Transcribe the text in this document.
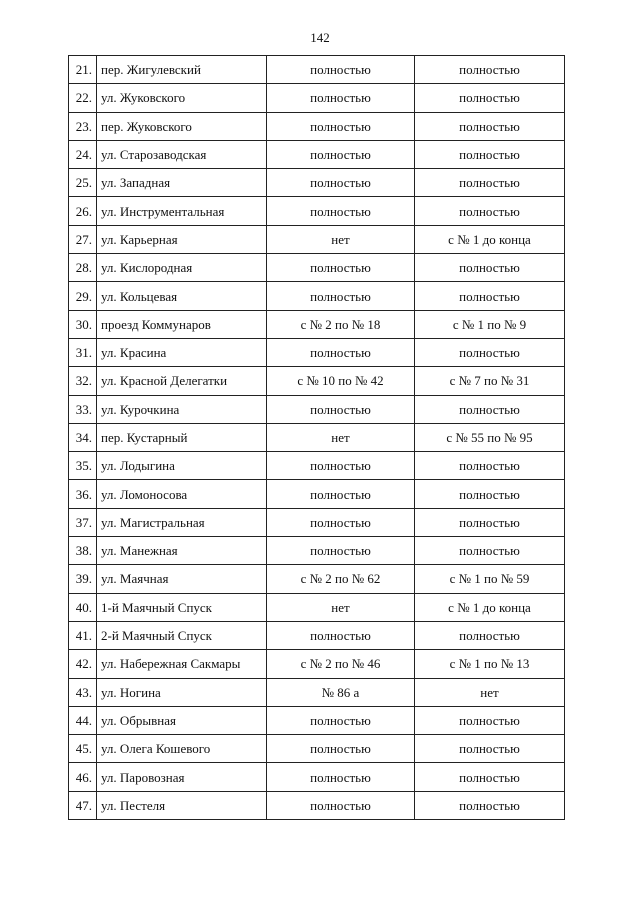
142
21.	пер. Жигулевский	полностью	полностью
22.	ул. Жуковского	полностью	полностью
23.	пер. Жуковского	полностью	полностью
24.	ул. Старозаводская	полностью	полностью
25.	ул. Западная	полностью	полностью
26.	ул. Инструментальная	полностью	полностью
27.	ул. Карьерная	нет	с № 1 до конца
28.	ул. Кислородная	полностью	полностью
29.	ул. Кольцевая	полностью	полностью
30.	проезд Коммунаров	с № 2 по № 18	с № 1 по № 9
31.	ул. Красина	полностью	полностью
32.	ул. Красной Делегатки	с № 10 по № 42	с № 7 по № 31
33.	ул. Курочкина	полностью	полностью
34.	пер. Кустарный	нет	с № 55 по № 95
35.	ул. Лодыгина	полностью	полностью
36.	ул. Ломоносова	полностью	полностью
37.	ул. Магистральная	полностью	полностью
38.	ул. Манежная	полностью	полностью
39.	ул. Маячная	с № 2 по № 62	с № 1 по № 59
40.	1-й Маячный Спуск	нет	с № 1 до конца
41.	2-й Маячный Спуск	полностью	полностью
42.	ул. Набережная Сакмары	с № 2 по № 46	с № 1 по № 13
43.	ул. Ногина	№ 86 а	нет
44.	ул. Обрывная	полностью	полностью
45.	ул. Олега Кошевого	полностью	полностью
46.	ул. Паровозная	полностью	полностью
47.	ул. Пестеля	полностью	полностью
